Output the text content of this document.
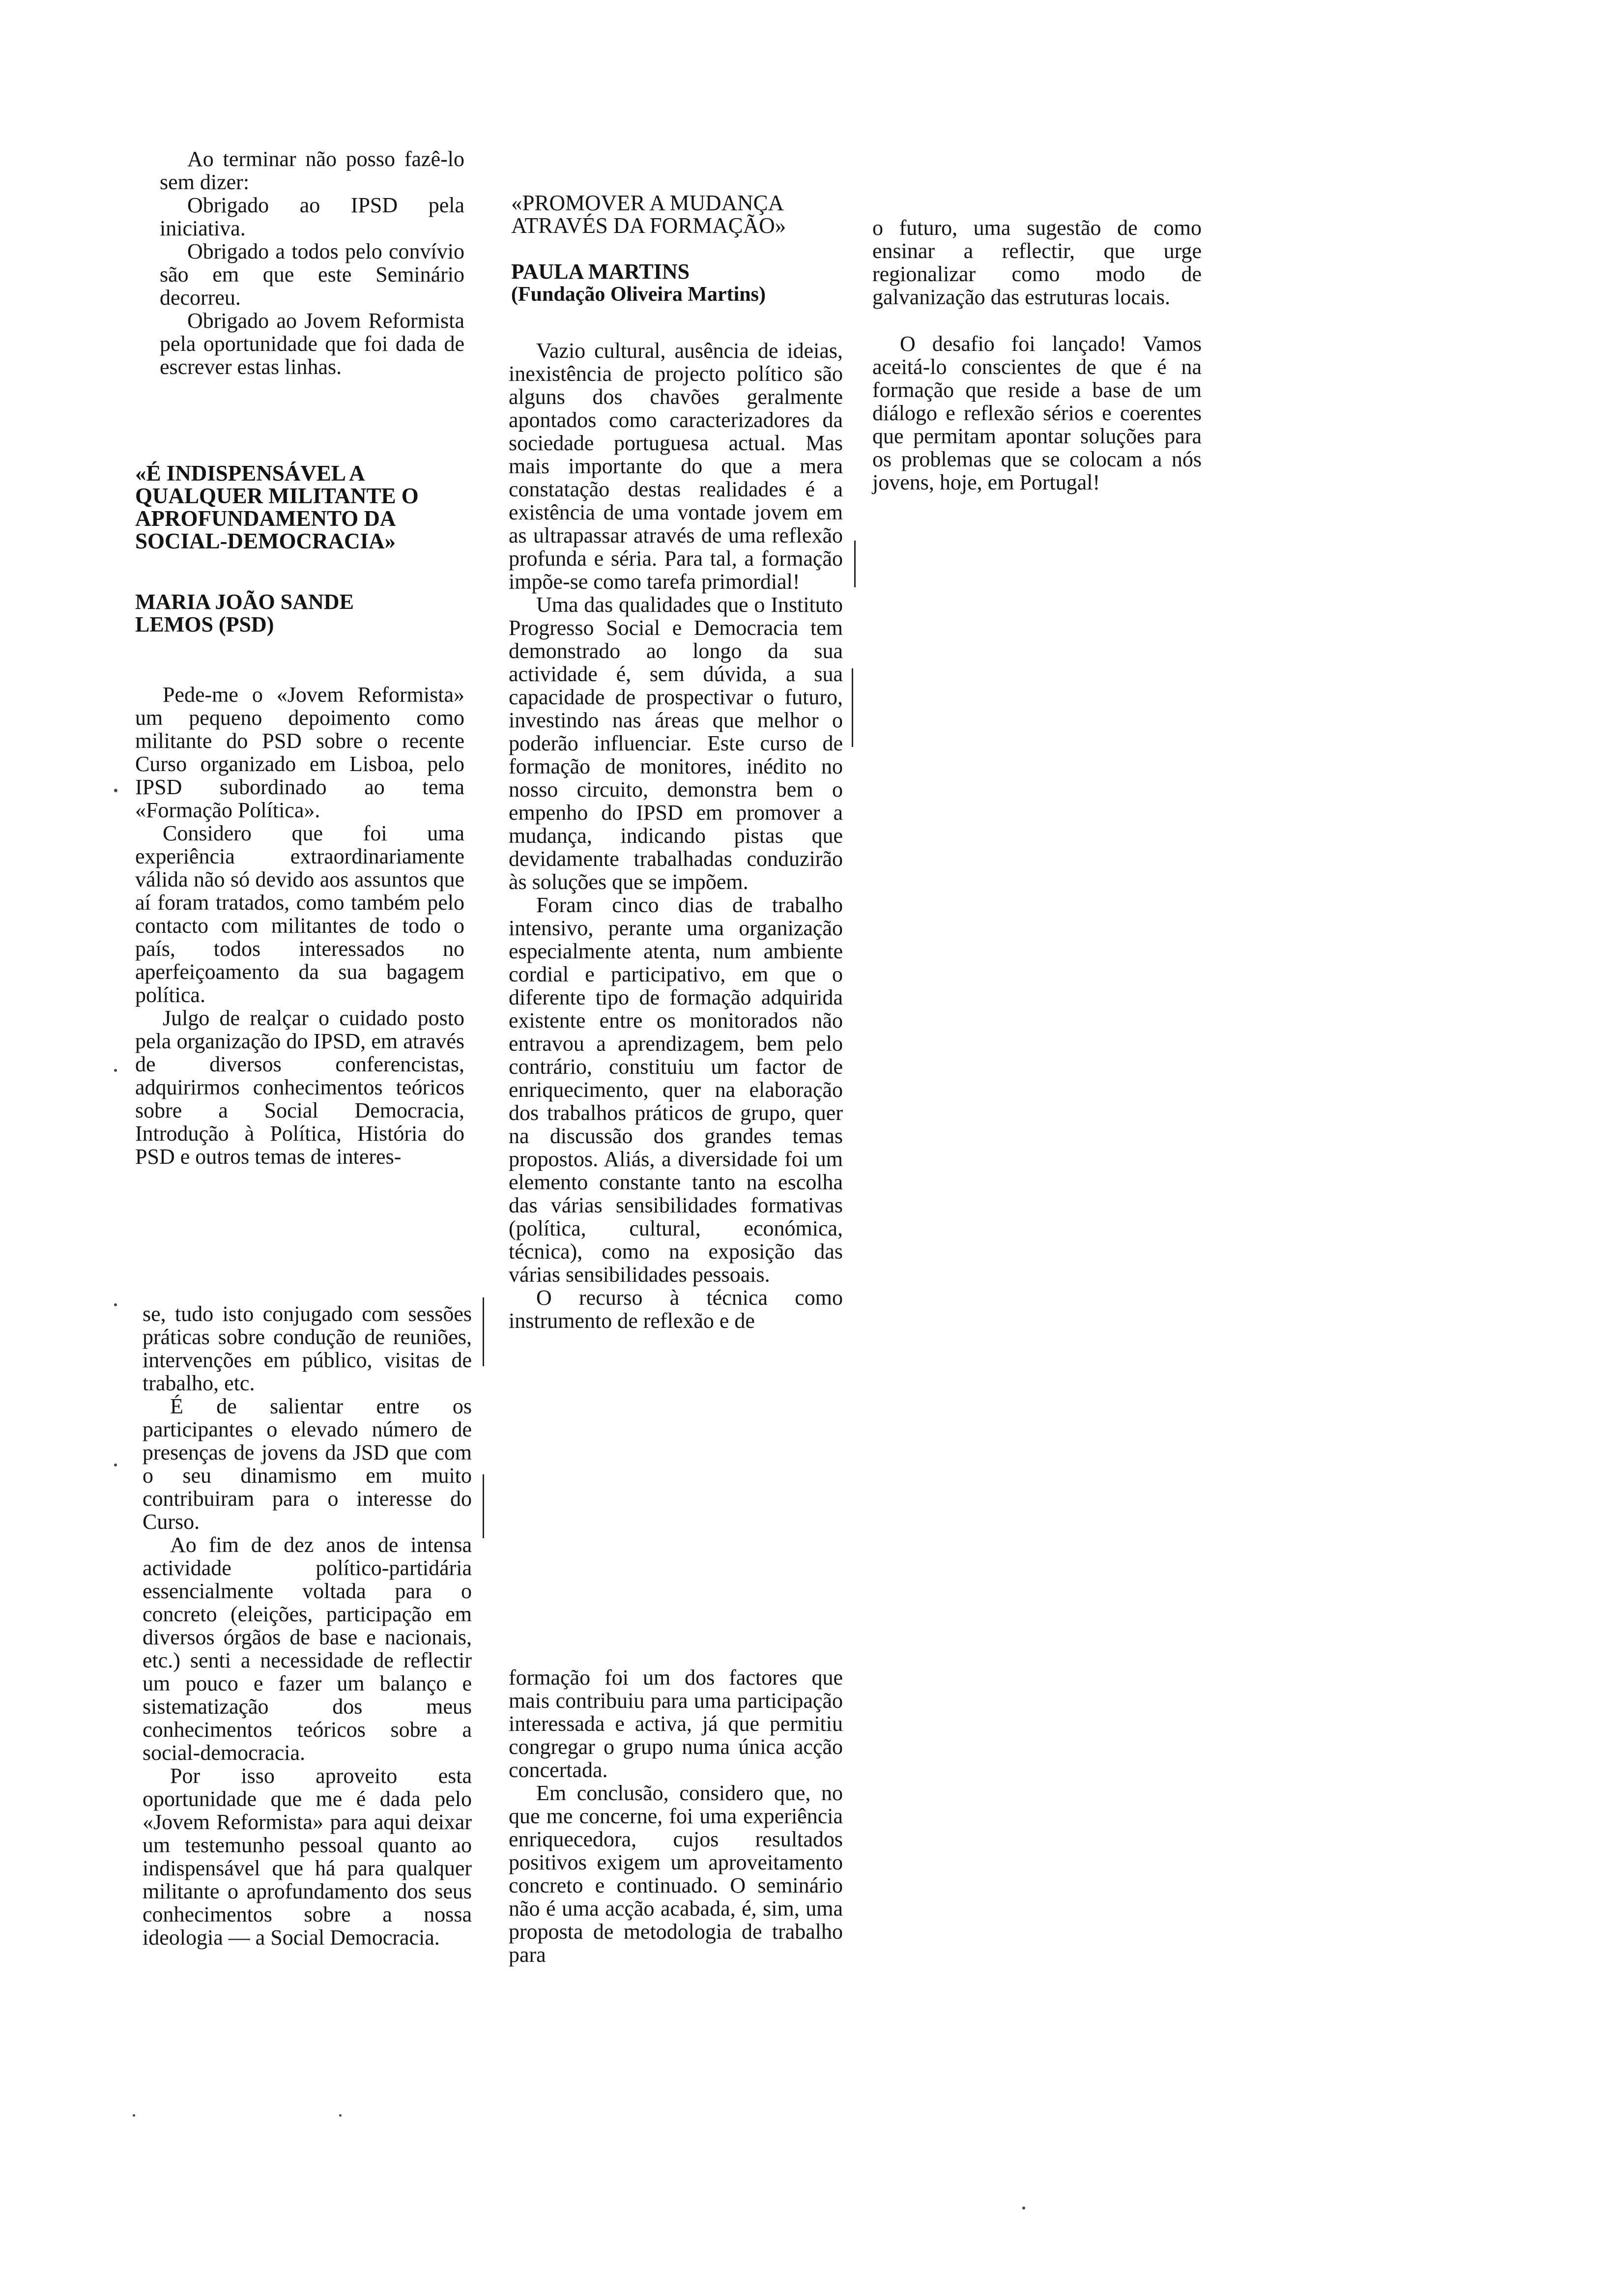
Ao terminar não posso fazê-lo sem dizer:

Obrigado ao IPSD pela iniciativa.

Obrigado a todos pelo convívio são em que este Seminário decorreu.

Obrigado ao Jovem Reformista pela oportunidade que foi dada de escrever estas linhas.

«É INDISPENSÁVEL A QUALQUER MILITANTE O APROFUNDAMENTO DA SOCIAL-DEMOCRACIA»
MARIA JOÃO SANDE LEMOS (PSD)

Pede-me o «Jovem Reformista» um pequeno depoimento como militante do PSD sobre o recente Curso organizado em Lisboa, pelo IPSD subordinado ao tema «Formação Política».

Considero que foi uma experiência extraordinariamente válida não só devido aos assuntos que aí foram tratados, como também pelo contacto com militantes de todo o país, todos interessados no aperfeiçoamento da sua bagagem política.

Julgo de realçar o cuidado posto pela organização do IPSD, em através de diversos conferencistas, adquirirmos conhecimentos teóricos sobre a Social Democracia, Introdução à Política, História do PSD e outros temas de interes-

se, tudo isto conjugado com sessões práticas sobre condução de reuniões, intervenções em público, visitas de trabalho, etc.

É de salientar entre os participantes o elevado número de presenças de jovens da JSD que com o seu dinamismo em muito contribuiram para o interesse do Curso.

Ao fim de dez anos de intensa actividade político-partidária essencialmente voltada para o concreto (eleições, participação em diversos órgãos de base e nacionais, etc.) senti a necessidade de reflectir um pouco e fazer um balanço e sistematização dos meus conhecimentos teóricos sobre a social-democracia.

Por isso aproveito esta oportunidade que me é dada pelo «Jovem Reformista» para aqui deixar um testemunho pessoal quanto ao indispensável que há para qualquer militante o aprofundamento dos seus conhecimentos sobre a nossa ideologia — a Social Democracia.

«PROMOVER A MUDANÇA ATRAVÉS DA FORMAÇÃO»
PAULA MARTINS
(Fundação Oliveira Martins)

Vazio cultural, ausência de ideias, inexistência de projecto político são alguns dos chavões geralmente apontados como caracterizadores da sociedade portuguesa actual. Mas mais importante do que a mera constatação destas realidades é a existência de uma vontade jovem em as ultrapassar através de uma reflexão profunda e séria. Para tal, a formação impõe-se como tarefa primordial!

Uma das qualidades que o Instituto Progresso Social e Democracia tem demonstrado ao longo da sua actividade é, sem dúvida, a sua capacidade de prospectivar o futuro, investindo nas áreas que melhor o poderão influenciar. Este curso de formação de monitores, inédito no nosso circuito, demonstra bem o empenho do IPSD em promover a mudança, indicando pistas que devidamente trabalhadas conduzirão às soluções que se impõem.

Foram cinco dias de trabalho intensivo, perante uma organização especialmente atenta, num ambiente cordial e participativo, em que o diferente tipo de formação adquirida existente entre os monitorados não entravou a aprendizagem, bem pelo contrário, constituiu um factor de enriquecimento, quer na elaboração dos trabalhos práticos de grupo, quer na discussão dos grandes temas propostos. Aliás, a diversidade foi um elemento constante tanto na escolha das várias sensibilidades formativas (política, cultural, económica, técnica), como na exposição das várias sensibilidades pessoais.

O recurso à técnica como instrumento de reflexão e de

formação foi um dos factores que mais contribuiu para uma participação interessada e activa, já que permitiu congregar o grupo numa única acção concertada.

Em conclusão, considero que, no que me concerne, foi uma experiência enriquecedora, cujos resultados positivos exigem um aproveitamento concreto e continuado. O seminário não é uma acção acabada, é, sim, uma proposta de metodologia de trabalho para

o futuro, uma sugestão de como ensinar a reflectir, que urge regionalizar como modo de galvanização das estruturas locais.

O desafio foi lançado! Vamos aceitá-lo conscientes de que é na formação que reside a base de um diálogo e reflexão sérios e coerentes que permitam apontar soluções para os problemas que se colocam a nós jovens, hoje, em Portugal!
